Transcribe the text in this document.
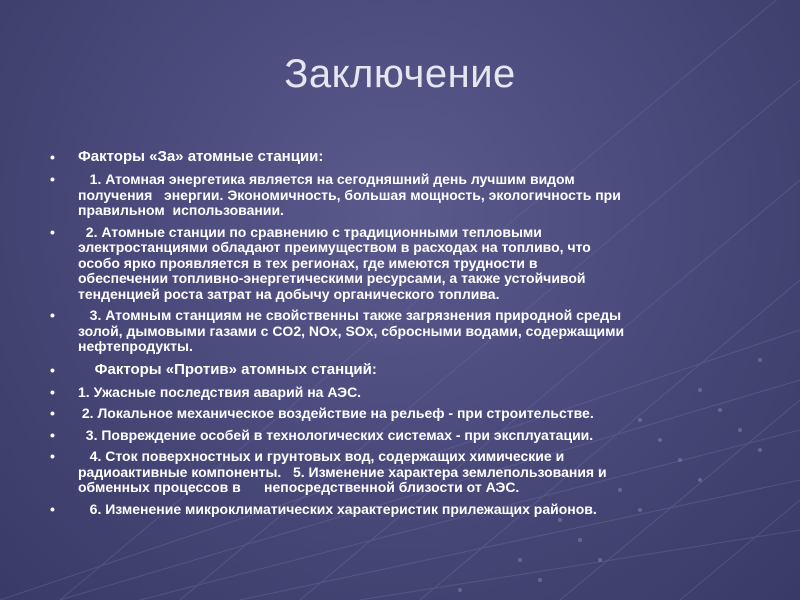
Заключение
• Факторы «За» атомные станции:
• 1. Атомная энергетика является на сегодняшний день лучшим видом
получения   энергии. Экономичность, большая мощность, экологичность при
правильном  использовании.
• 2. Атомные станции по сравнению с традиционными тепловыми
электростанциями обладают преимуществом в расходах на топливо, что
особо ярко проявляется в тех регионах, где имеются трудности в
обеспечении топливно-энергетическими ресурсами, а также устойчивой
тенденцией роста затрат на добычу органического топлива.
• 3. Атомным станциям не свойственны также загрязнения природной среды
золой, дымовыми газами с CO2, NOx, SOx, сбросными водами, содержащими
нефтепродукты.
• Факторы «Против» атомных станций:
• 1. Ужасные последствия аварий на АЭС.
• 2. Локальное механическое воздействие на рельеф - при строительстве.
• 3. Повреждение особей в технологических системах - при эксплуатации.
• 4. Сток поверхностных и грунтовых вод, содержащих химические и
радиоактивные компоненты.   5. Изменение характера землепользования и
обменных процессов в      непосредственной близости от АЭС.
• 6. Изменение микроклиматических характеристик прилежащих районов.
